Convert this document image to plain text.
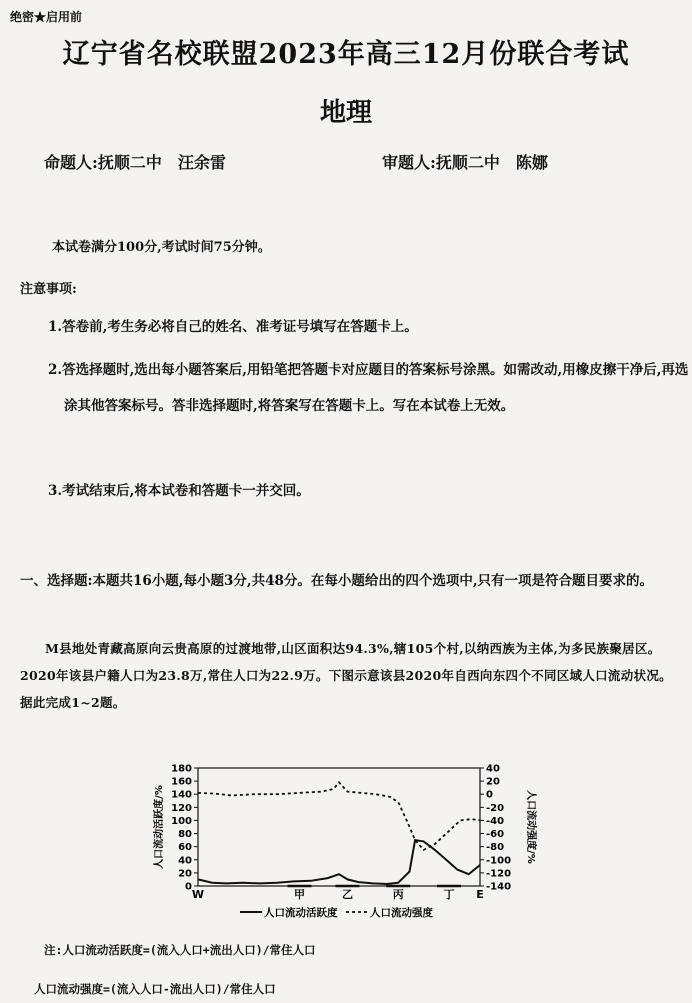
绝密★启用前
辽宁省名校联盟2023年高三12月份联合考试
地理
命题人:抚顺二中　汪余雷	审题人:抚顺二中　陈娜
本试卷满分100分,考试时间75分钟。
注意事项:
1.答卷前,考生务必将自己的姓名、准考证号填写在答题卡上。
2.答选择题时,选出每小题答案后,用铅笔把答题卡对应题目的答案标号涂黑。如需改动,用橡皮擦干净后,再选涂其他答案标号。答非选择题时,将答案写在答题卡上。写在本试卷上无效。
3.考试结束后,将本试卷和答题卡一并交回。
一、选择题:本题共16小题,每小题3分,共48分。在每小题给出的四个选项中,只有一项是符合题目要求的。
M县地处青藏高原向云贵高原的过渡地带,山区面积达94.3%,辖105个村,以纳西族为主体,为多民族聚居区。2020年该县户籍人口为23.8万,常住人口为22.9万。下图示意该县2020年自西向东四个不同区域人口流动状况。据此完成1~2题。
0
20
40
60
80
100
120
140
160
180	40
20
0
-20
-40
-60
-80
-100
-120
-140
人口流动活跃度/%	人口流动强度/%
W	甲	乙	丙	丁 E
人口流动活跃度	人口流动强度
注:人口流动活跃度=(流入人口+流出人口)/常住人口
人口流动强度=(流入人口-流出人口)/常住人口
